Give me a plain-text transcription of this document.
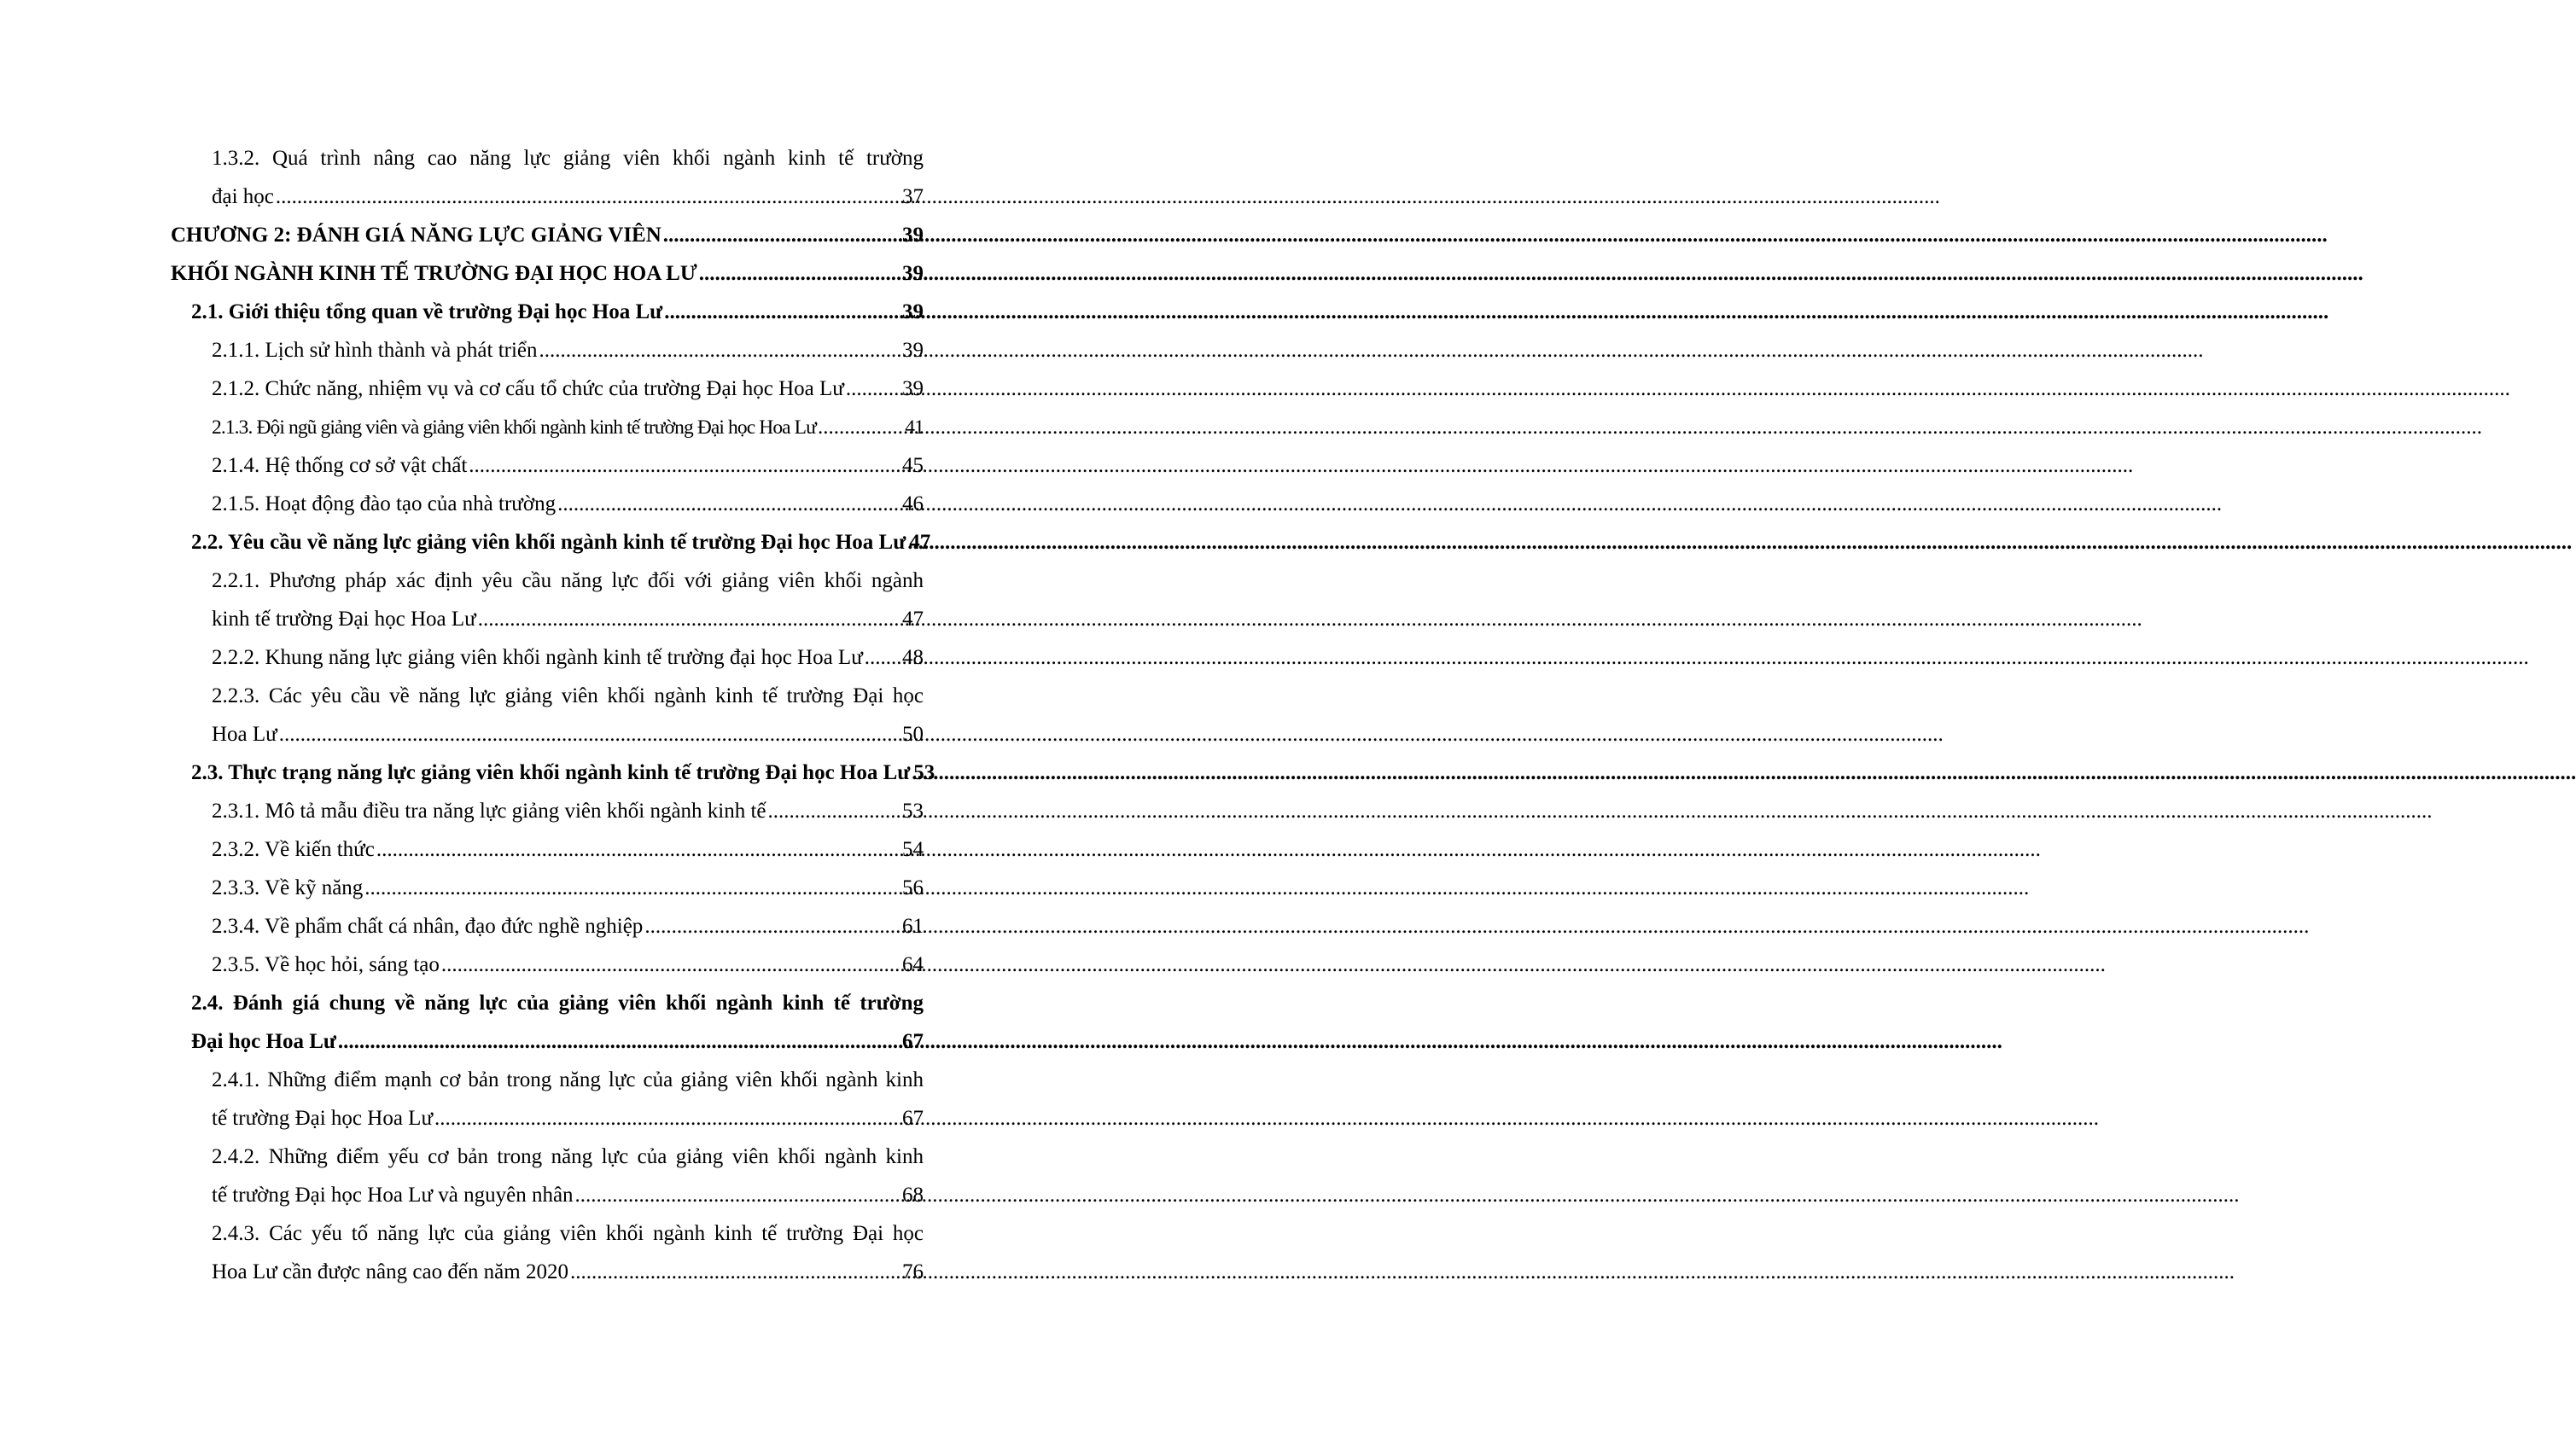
1.3.2. Quá trình nâng cao năng lực giảng viên khối ngành kinh tế trường
đại học .....	37
CHƯƠNG 2: ĐÁNH GIÁ NĂNG LỰC GIẢNG VIÊN .....	39
KHỐI NGÀNH KINH TẾ TRƯỜNG ĐẠI HỌC HOA LƯ .....	39
2.1. Giới thiệu tổng quan về trường Đại học Hoa Lư .....	39
2.1.1. Lịch sử hình thành và phát triển .....	39
2.1.2. Chức năng, nhiệm vụ và cơ cấu tổ chức của trường Đại học Hoa Lư .....	39
2.1.3. Đội ngũ giảng viên và giảng viên khối ngành kinh tế trường Đại học Hoa Lư .....	41
2.1.4. Hệ thống cơ sở vật chất .....	45
2.1.5. Hoạt động đào tạo của nhà trường .....	46
2.2. Yêu cầu về năng lực giảng viên khối ngành kinh tế trường Đại học Hoa Lư ..... 47
2.2.1. Phương pháp xác định yêu cầu năng lực đối với giảng viên khối ngành
kinh tế trường Đại học Hoa Lư .....	47
2.2.2. Khung năng lực giảng viên khối ngành kinh tế trường đại học Hoa Lư ..... 48
2.2.3. Các yêu cầu về năng lực giảng viên khối ngành kinh tế trường Đại học
Hoa Lư .....	50
2.3. Thực trạng năng lực giảng viên khối ngành kinh tế trường Đại học Hoa Lư ..... 53
2.3.1. Mô tả mẫu điều tra năng lực giảng viên khối ngành kinh tế .....	53
2.3.2. Về kiến thức .....	54
2.3.3. Về kỹ năng .....	56
2.3.4. Về phẩm chất cá nhân, đạo đức nghề nghiệp .....	61
2.3.5. Về học hỏi, sáng tạo .....	64
2.4. Đánh giá chung về năng lực của giảng viên khối ngành kinh tế trường
Đại học Hoa Lư .....	67
2.4.1. Những điểm mạnh cơ bản trong năng lực của giảng viên khối ngành kinh
tế trường Đại học Hoa Lư .....	67
2.4.2. Những điểm yếu cơ bản trong năng lực của giảng viên khối ngành kinh
tế trường Đại học Hoa Lư và nguyên nhân .....	68
2.4.3. Các yếu tố năng lực của giảng viên khối ngành kinh tế trường Đại học
Hoa Lư cần được nâng cao đến năm 2020 .....	76
